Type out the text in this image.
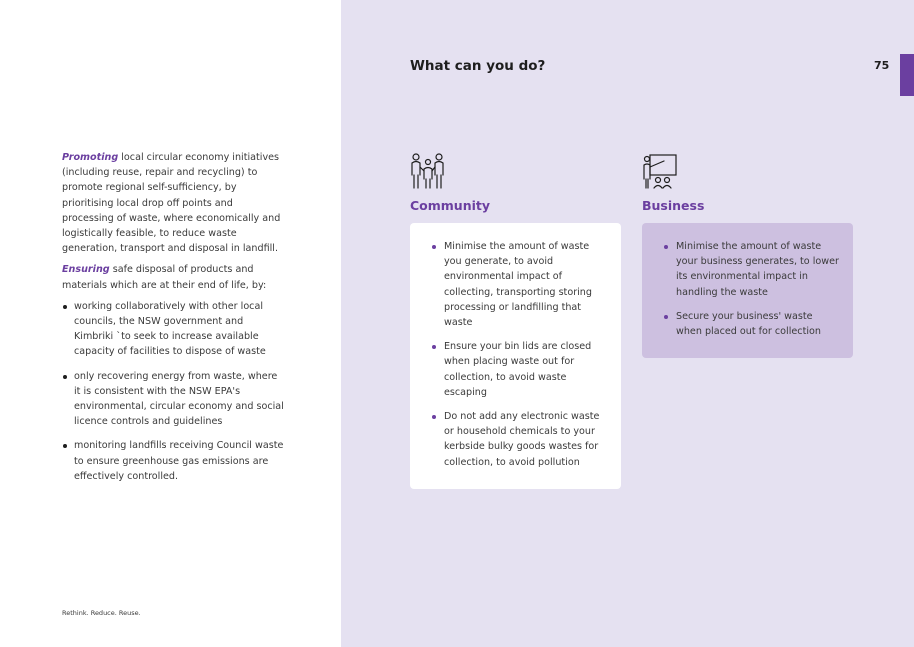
75
What can you do?

Promoting local circular economy initiatives (including reuse, repair and recycling) to promote regional self-sufficiency, by prioritising local drop off points and processing of waste, where economically and logistically feasible, to reduce waste generation, transport and disposal in landfill.

Ensuring safe disposal of products and materials which are at their end of life, by:

working collaboratively with other local councils, the NSW government and Kimbriki `to seek to increase available capacity of facilities to dispose of waste
only recovering energy from waste, where it is consistent with the NSW EPA's environmental, circular economy and social licence controls and guidelines
monitoring landfills receiving Council waste to ensure greenhouse gas emissions are effectively controlled.
Rethink. Reduce. Reuse.
Community	Business
Minimise the amount of waste you generate, to avoid environmental impact of collecting, transporting storing processing or landfilling that waste
Ensure your bin lids are closed when placing waste out for collection, to avoid waste escaping
Do not add any electronic waste or household chemicals to your kerbside bulky goods wastes for collection, to avoid pollution
Minimise the amount of waste your business generates, to lower its environmental impact in handling the waste
Secure your business' waste when placed out for collection
